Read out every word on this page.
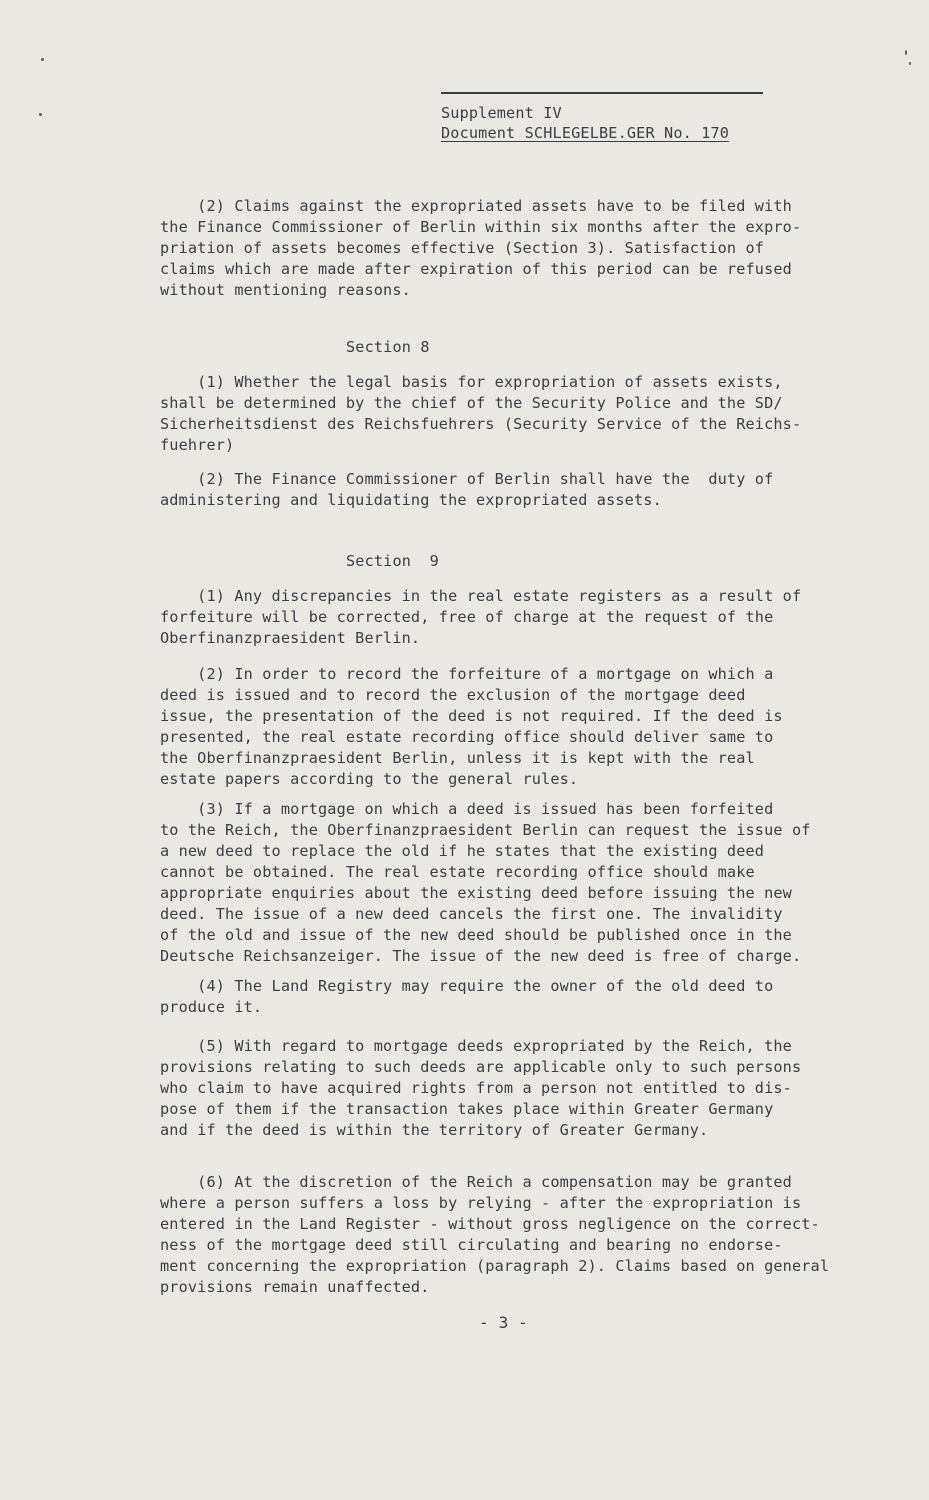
Supplement IV
Document SCHLEGELBE.GER No. 170

(2) Claims against the expropriated assets have to be filed with
the Finance Commissioner of Berlin within six months after the expro-
priation of assets becomes effective (Section 3). Satisfaction of
claims which are made after expiration of this period can be refused
without mentioning reasons.

Section 8

(1) Whether the legal basis for expropriation of assets exists,
shall be determined by the chief of the Security Police and the SD/
Sicherheitsdienst des Reichsfuehrers (Security Service of the Reichs-
fuehrer)

(2) The Finance Commissioner of Berlin shall have the  duty of
administering and liquidating the expropriated assets.

Section  9

(1) Any discrepancies in the real estate registers as a result of
forfeiture will be corrected, free of charge at the request of the
Oberfinanzpraesident Berlin.

(2) In order to record the forfeiture of a mortgage on which a
deed is issued and to record the exclusion of the mortgage deed
issue, the presentation of the deed is not required. If the deed is
presented, the real estate recording office should deliver same to
the Oberfinanzpraesident Berlin, unless it is kept with the real
estate papers according to the general rules.

(3) If a mortgage on which a deed is issued has been forfeited
to the Reich, the Oberfinanzpraesident Berlin can request the issue of
a new deed to replace the old if he states that the existing deed
cannot be obtained. The real estate recording office should make
appropriate enquiries about the existing deed before issuing the new
deed. The issue of a new deed cancels the first one. The invalidity
of the old and issue of the new deed should be published once in the
Deutsche Reichsanzeiger. The issue of the new deed is free of charge.

(4) The Land Registry may require the owner of the old deed to
produce it.

(5) With regard to mortgage deeds expropriated by the Reich, the
provisions relating to such deeds are applicable only to such persons
who claim to have acquired rights from a person not entitled to dis-
pose of them if the transaction takes place within Greater Germany
and if the deed is within the territory of Greater Germany.

(6) At the discretion of the Reich a compensation may be granted
where a person suffers a loss by relying - after the expropriation is
entered in the Land Register - without gross negligence on the correct-
ness of the mortgage deed still circulating and bearing no endorse-
ment concerning the expropriation (paragraph 2). Claims based on general
provisions remain unaffected.

- 3 -
